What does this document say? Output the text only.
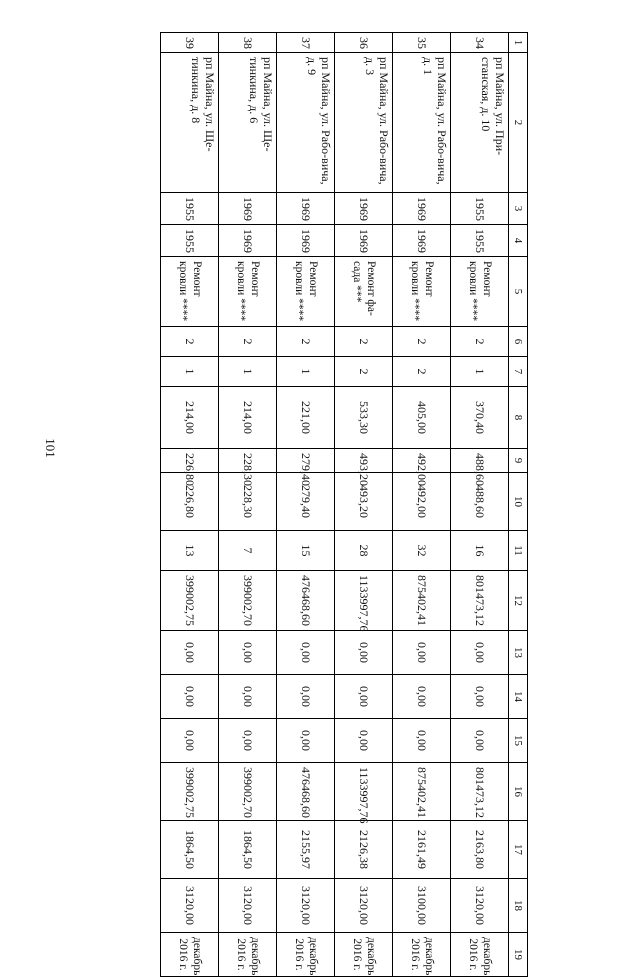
101
1	2	3	4	5	6	7	8	9	10	11	12	13	14	15	16	17	18	19
34	рп Майна, ул. При-станская, д. 10	1955	1955	Ремонт кровли ****	2	1	370,40	488,60	488,60	16	801473,12	0,00	0,00	0,00	801473,12	2163,80	3120,00	декабрь 2016 г.
35	рп Майна, ул. Рабо-вича, д. 1	1969	1969	Ремонт кровли ****	2	2	405,00	492,00	492,00	32	875402,41	0,00	0,00	0,00	875402,41	2161,49	3100,00	декабрь 2016 г.
36	рп Майна, ул. Рабо-вича, д. 3	1969	1969	Ремонт фа-сада ***	2	2	533,30	493,20	493,20	28	1133997,76	0,00	0,00	0,00	1133997,76	2126,38	3120,00	декабрь 2016 г.
37	рп Майна, ул. Рабо-вича, д. 9	1969	1969	Ремонт кровли ****	2	1	221,00	279,40	279,40	15	476468,60	0,00	0,00	0,00	476468,60	2155,97	3120,00	декабрь 2016 г.
38	рп Майна, ул. Ще-тинкина, д. 6	1969	1969	Ремонт кровли ****	2	1	214,00	228,30	228,30	7	399002,70	0,00	0,00	0,00	399002,70	1864,50	3120,00	декабрь 2016 г.
39	рп Майна, ул. Ще-тинкина, д. 8	1955	1955	Ремонт кровли ****	2	1	214,00	226,80	226,80	13	399002,75	0,00	0,00	0,00	399002,75	1864,50	3120,00	декабрь 2016 г.
